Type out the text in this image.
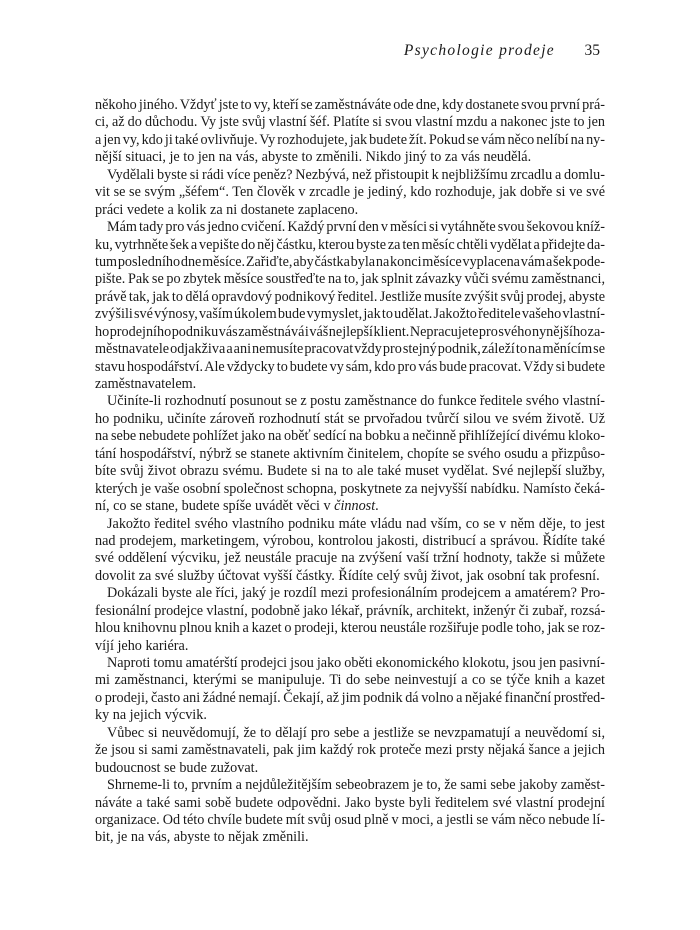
Psychologie prodeje 35
někoho jiného. Vždyť jste to vy, kteří se zaměstnáváte ode dne, kdy dostanete svou první prá-
ci, až do důchodu. Vy jste svůj vlastní šéf. Platíte si svou vlastní mzdu a nakonec jste to jen
a jen vy, kdo ji také ovlivňuje. Vy rozhodujete, jak budete žít. Pokud se vám něco nelíbí na ny-
nější situaci, je to jen na vás, abyste to změnili. Nikdo jiný to za vás neudělá.
Vydělali byste si rádi více peněz? Nezbývá, než přistoupit k nejbližšímu zrcadlu a domlu-
vit se se svým „šéfem“. Ten člověk v zrcadle je jediný, kdo rozhoduje, jak dobře si ve své
práci vedete a kolik za ni dostanete zaplaceno.
Mám tady pro vás jedno cvičení. Každý první den v měsíci si vytáhněte svou šekovou kníž-
ku, vytrhněte šek a vepište do něj částku, kterou byste za ten měsíc chtěli vydělat a přidejte da-
tum posledního dne měsíce. Zařiďte, aby částka byla na konci měsíce vyplacena vám a šek pode-
pište. Pak se po zbytek měsíce soustřeďte na to, jak splnit závazky vůči svému zaměstnanci,
právě tak, jak to dělá opravdový podnikový ředitel. Jestliže musíte zvýšit svůj prodej, abyste
zvýšili své výnosy, vaším úkolem bude vymyslet, jak to udělat. Jakožto ředitele vašeho vlastní-
ho prodejního podniku vás zaměstnává i váš nejlepší klient. Nepracujete pro svého nynějšího za-
městnavatele odjakživa a ani nemusíte pracovat vždy pro stejný podnik, záleží to na měnícím se
stavu hospodářství. Ale vždycky to budete vy sám, kdo pro vás bude pracovat. Vždy si budete
zaměstnavatelem.
Učiníte-li rozhodnutí posunout se z postu zaměstnance do funkce ředitele svého vlastní-
ho podniku, učiníte zároveň rozhodnutí stát se prvořadou tvůrčí silou ve svém životě. Už
na sebe nebudete pohlížet jako na oběť sedící na bobku a nečinně přihlížející divému kloko-
tání hospodářství, nýbrž se stanete aktivním činitelem, chopíte se svého osudu a přizpůso-
bíte svůj život obrazu svému. Budete si na to ale také muset vydělat. Své nejlepší služby,
kterých je vaše osobní společnost schopna, poskytnete za nejvyšší nabídku. Namísto čeká-
ní, co se stane, budete spíše uvádět věci v činnost.
Jakožto ředitel svého vlastního podniku máte vládu nad vším, co se v něm děje, to jest
nad prodejem, marketingem, výrobou, kontrolou jakosti, distribucí a správou. Řídíte také
své oddělení výcviku, jež neustále pracuje na zvýšení vaší tržní hodnoty, takže si můžete
dovolit za své služby účtovat vyšší částky. Řídíte celý svůj život, jak osobní tak profesní.
Dokázali byste ale říci, jaký je rozdíl mezi profesionálním prodejcem a amatérem? Pro-
fesionální prodejce vlastní, podobně jako lékař, právník, architekt, inženýr či zubař, rozsá-
hlou knihovnu plnou knih a kazet o prodeji, kterou neustále rozšiřuje podle toho, jak se roz-
víjí jeho kariéra.
Naproti tomu amatérští prodejci jsou jako oběti ekonomického klokotu, jsou jen pasivní-
mi zaměstnanci, kterými se manipuluje. Ti do sebe neinvestují a co se týče knih a kazet
o prodeji, často ani žádné nemají. Čekají, až jim podnik dá volno a nějaké finanční prostřed-
ky na jejich výcvik.
Vůbec si neuvědomují, že to dělají pro sebe a jestliže se nevzpamatují a neuvědomí si,
že jsou si sami zaměstnavateli, pak jim každý rok proteče mezi prsty nějaká šance a jejich
budoucnost se bude zužovat.
Shrneme-li to, prvním a nejdůležitějším sebeobrazem je to, že sami sebe jakoby zaměst-
náváte a také sami sobě budete odpovědni. Jako byste byli ředitelem své vlastní prodejní
organizace. Od této chvíle budete mít svůj osud plně v moci, a jestli se vám něco nebude lí-
bit, je na vás, abyste to nějak změnili.
